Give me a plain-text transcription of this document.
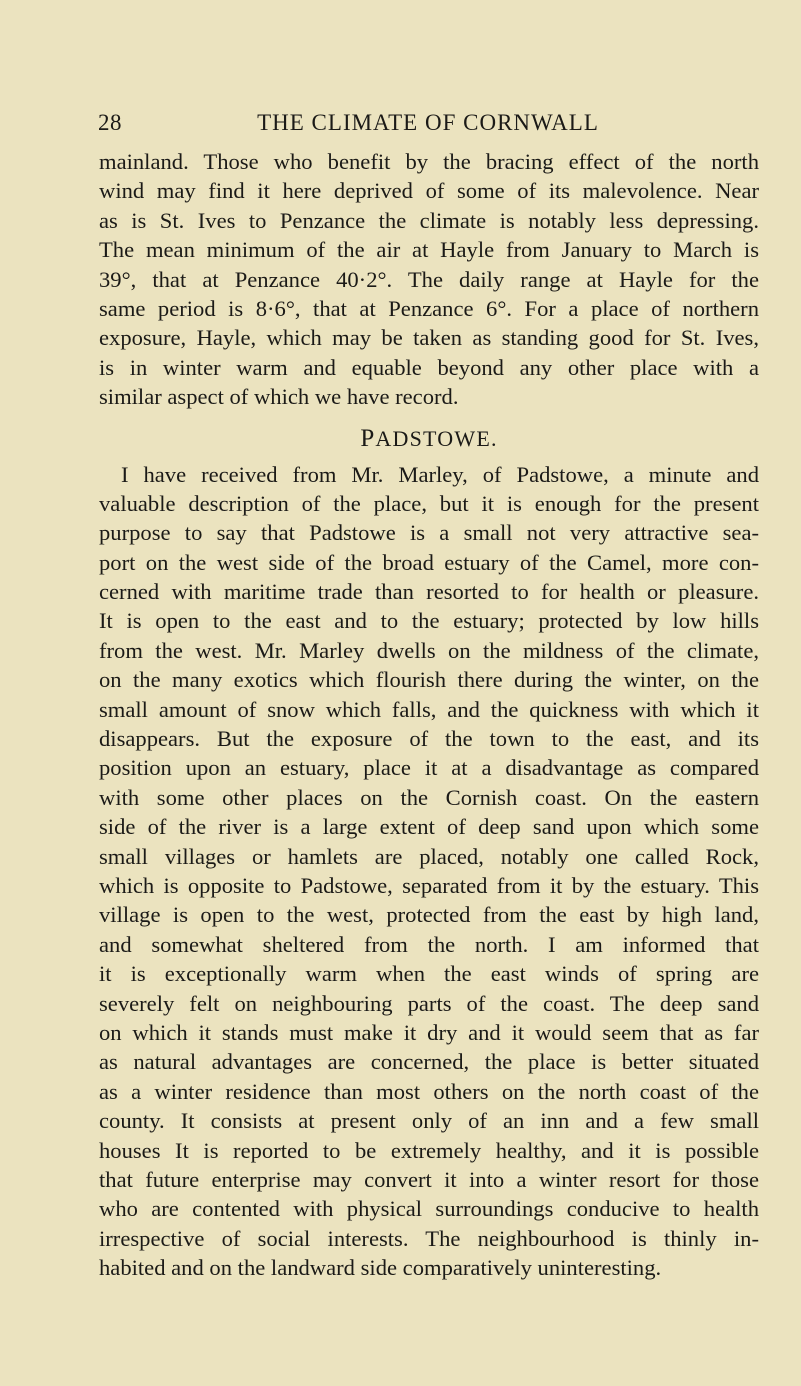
28	THE CLIMATE OF CORNWALL
mainland. Those who benefit by the bracing effect of the north
wind may find it here deprived of some of its malevolence. Near
as is St. Ives to Penzance the climate is notably less depressing.
The mean minimum of the air at Hayle from January to March is
39°, that at Penzance 40·2°. The daily range at Hayle for the
same period is 8·6°, that at Penzance 6°. For a place of northern
exposure, Hayle, which may be taken as standing good for St. Ives,
is in winter warm and equable beyond any other place with a
similar aspect of which we have record.
PADSTOWE.
I have received from Mr. Marley, of Padstowe, a minute and
valuable description of the place, but it is enough for the present
purpose to say that Padstowe is a small not very attractive sea-
port on the west side of the broad estuary of the Camel, more con-
cerned with maritime trade than resorted to for health or pleasure.
It is open to the east and to the estuary; protected by low hills
from the west. Mr. Marley dwells on the mildness of the climate,
on the many exotics which flourish there during the winter, on the
small amount of snow which falls, and the quickness with which it
disappears. But the exposure of the town to the east, and its
position upon an estuary, place it at a disadvantage as compared
with some other places on the Cornish coast. On the eastern
side of the river is a large extent of deep sand upon which some
small villages or hamlets are placed, notably one called Rock,
which is opposite to Padstowe, separated from it by the estuary. This
village is open to the west, protected from the east by high land,
and somewhat sheltered from the north. I am informed that
it is exceptionally warm when the east winds of spring are
severely felt on neighbouring parts of the coast. The deep sand
on which it stands must make it dry and it would seem that as far
as natural advantages are concerned, the place is better situated
as a winter residence than most others on the north coast of the
county. It consists at present only of an inn and a few small
houses It is reported to be extremely healthy, and it is possible
that future enterprise may convert it into a winter resort for those
who are contented with physical surroundings conducive to health
irrespective of social interests. The neighbourhood is thinly in-
habited and on the landward side comparatively uninteresting.
